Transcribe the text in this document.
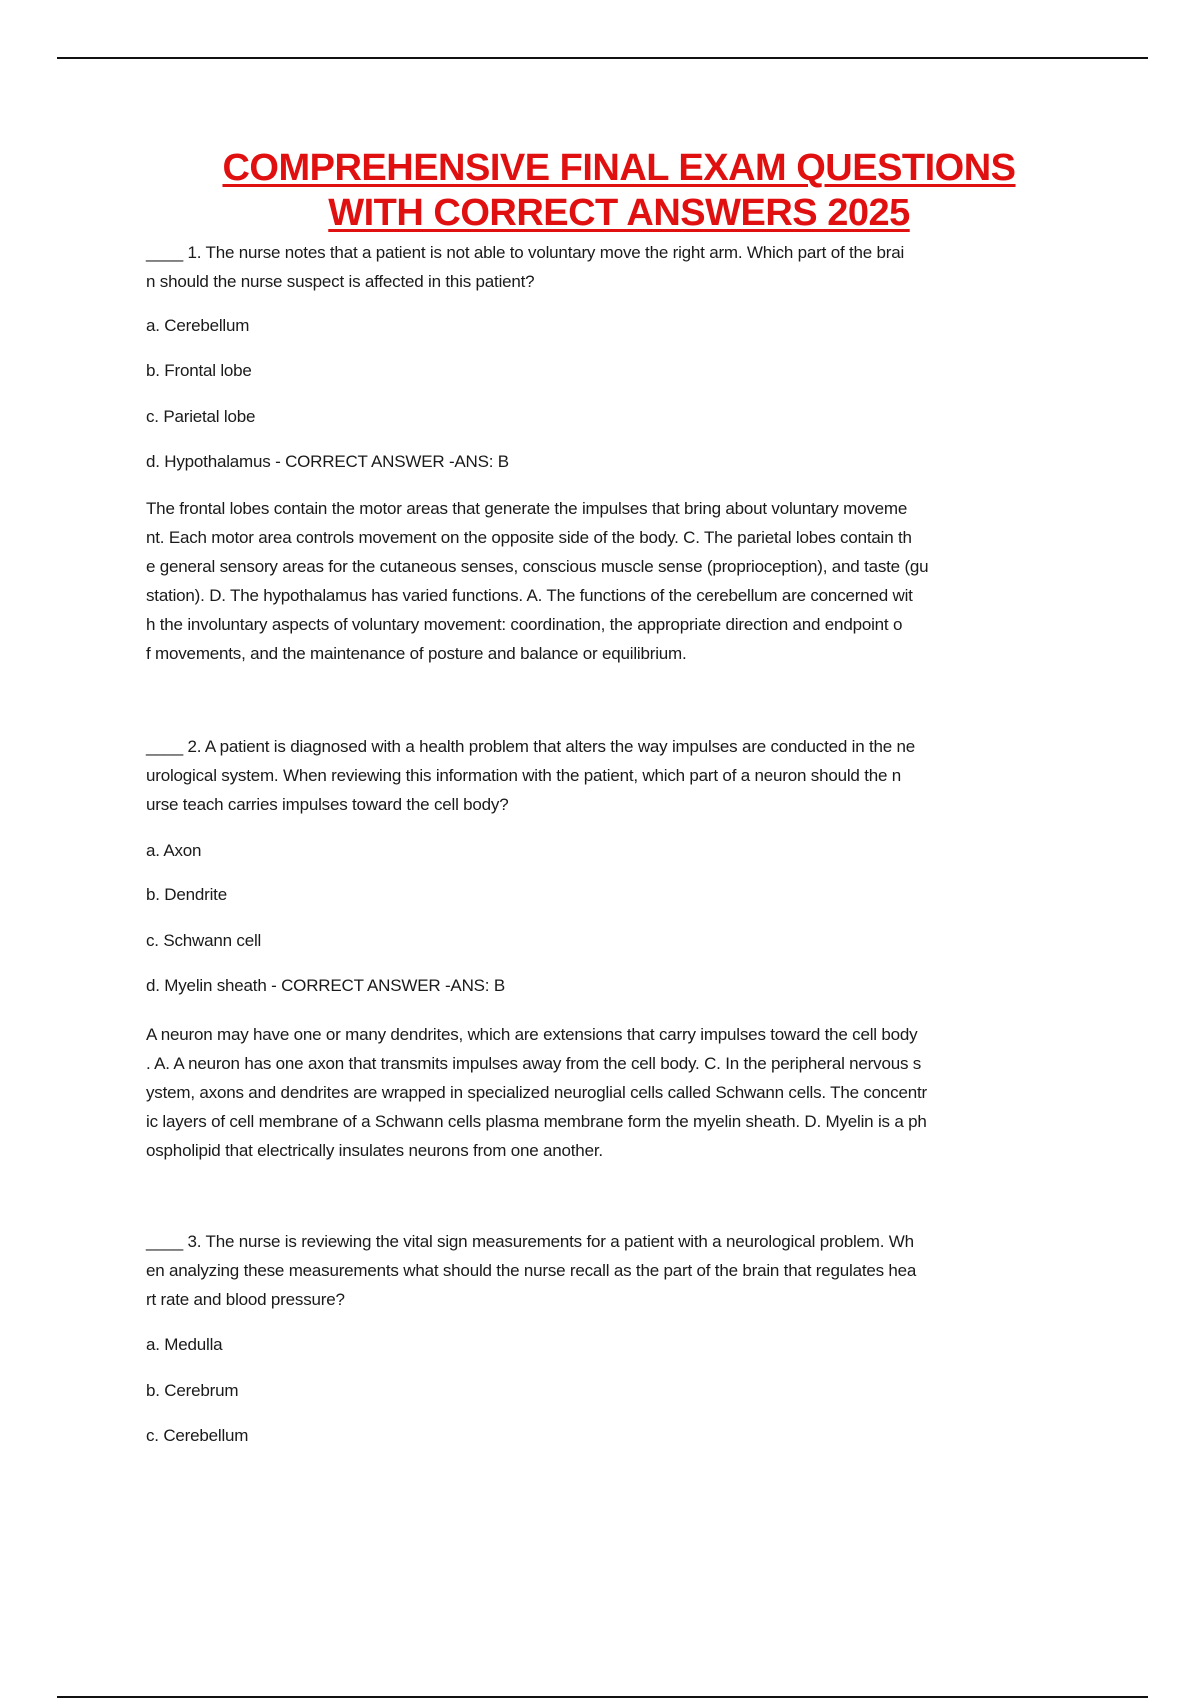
COMPREHENSIVE FINAL EXAM QUESTIONS
WITH CORRECT ANSWERS 2025
____ 1. The nurse notes that a patient is not able to voluntary move the right arm. Which part of the brai
n should the nurse suspect is affected in this patient?
a. Cerebellum
b. Frontal lobe
c. Parietal lobe
d. Hypothalamus - CORRECT ANSWER -ANS: B
The frontal lobes contain the motor areas that generate the impulses that bring about voluntary moveme
nt. Each motor area controls movement on the opposite side of the body. C. The parietal lobes contain th
e general sensory areas for the cutaneous senses, conscious muscle sense (proprioception), and taste (gu
station). D. The hypothalamus has varied functions. A. The functions of the cerebellum are concerned wit
h the involuntary aspects of voluntary movement: coordination, the appropriate direction and endpoint o
f movements, and the maintenance of posture and balance or equilibrium.
____ 2. A patient is diagnosed with a health problem that alters the way impulses are conducted in the ne
urological system. When reviewing this information with the patient, which part of a neuron should the n
urse teach carries impulses toward the cell body?
a. Axon
b. Dendrite
c. Schwann cell
d. Myelin sheath - CORRECT ANSWER -ANS: B
A neuron may have one or many dendrites, which are extensions that carry impulses toward the cell body
. A. A neuron has one axon that transmits impulses away from the cell body. C. In the peripheral nervous s
ystem, axons and dendrites are wrapped in specialized neuroglial cells called Schwann cells. The concentr
ic layers of cell membrane of a Schwann cells plasma membrane form the myelin sheath. D. Myelin is a ph
ospholipid that electrically insulates neurons from one another.
____ 3. The nurse is reviewing the vital sign measurements for a patient with a neurological problem. Wh
en analyzing these measurements what should the nurse recall as the part of the brain that regulates hea
rt rate and blood pressure?
a. Medulla
b. Cerebrum
c. Cerebellum
